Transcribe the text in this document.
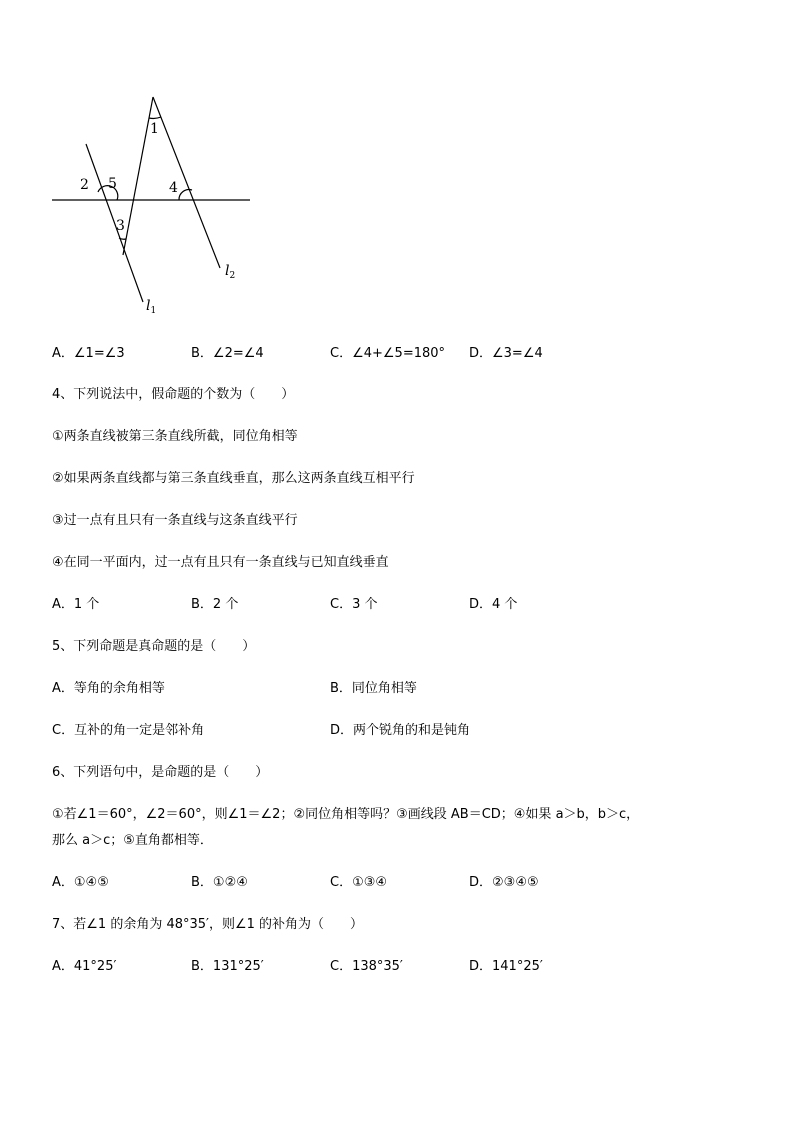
1
2 5	4
3
$l_2$
$l_1$
A．∠1=∠3	B．∠2=∠4	C．∠4+∠5=180° D．∠3=∠4
4、下列说法中，假命题的个数为（　　）
①两条直线被第三条直线所截，同位角相等
②如果两条直线都与第三条直线垂直，那么这两条直线互相平行
③过一点有且只有一条直线与这条直线平行
④在同一平面内，过一点有且只有一条直线与已知直线垂直
A．1 个	B．2 个	C．3 个	D．4 个
5、下列命题是真命题的是（　　）
A．等角的余角相等	B．同位角相等
C．互补的角一定是邻补角	D．两个锐角的和是钝角
6、下列语句中，是命题的是（　　）
①若∠1＝60°，∠2＝60°，则∠1＝∠2；②同位角相等吗？③画线段 AB＝CD；④如果 a＞b，b＞c，
那么 a＞c；⑤直角都相等．
A．①④⑤	B．①②④	C．①③④	D．②③④⑤
7、若∠1 的余角为 48°35′，则∠1 的补角为（　　）
A．41°25′	B．131°25′	C．138°35′	D．141°25′
